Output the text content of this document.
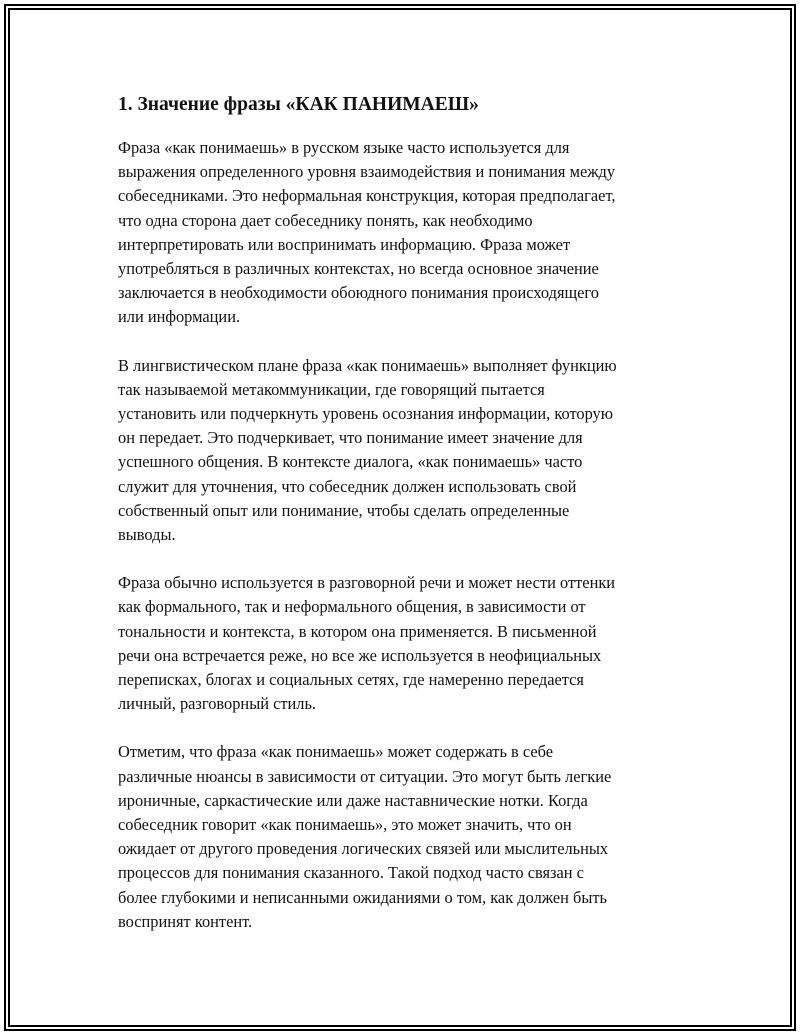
1. Значение фразы «КАК ПАНИМАЕШ»

Фраза «как понимаешь» в русском языке часто используется для
выражения определенного уровня взаимодействия и понимания между
собеседниками. Это неформальная конструкция, которая предполагает,
что одна сторона дает собеседнику понять, как необходимо
интерпретировать или воспринимать информацию. Фраза может
употребляться в различных контекстах, но всегда основное значение
заключается в необходимости обоюдного понимания происходящего
или информации.

В лингвистическом плане фраза «как понимаешь» выполняет функцию
так называемой метакоммуникации, где говорящий пытается
установить или подчеркнуть уровень осознания информации, которую
он передает. Это подчеркивает, что понимание имеет значение для
успешного общения. В контексте диалога, «как понимаешь» часто
служит для уточнения, что собеседник должен использовать свой
собственный опыт или понимание, чтобы сделать определенные
выводы.

Фраза обычно используется в разговорной речи и может нести оттенки
как формального, так и неформального общения, в зависимости от
тональности и контекста, в котором она применяется. В письменной
речи она встречается реже, но все же используется в неофициальных
переписках, блогах и социальных сетях, где намеренно передается
личный, разговорный стиль.

Отметим, что фраза «как понимаешь» может содержать в себе
различные нюансы в зависимости от ситуации. Это могут быть легкие
ироничные, саркастические или даже наставнические нотки. Когда
собеседник говорит «как понимаешь», это может значить, что он
ожидает от другого проведения логических связей или мыслительных
процессов для понимания сказанного. Такой подход часто связан с
более глубокими и неписанными ожиданиями о том, как должен быть
воспринят контент.
